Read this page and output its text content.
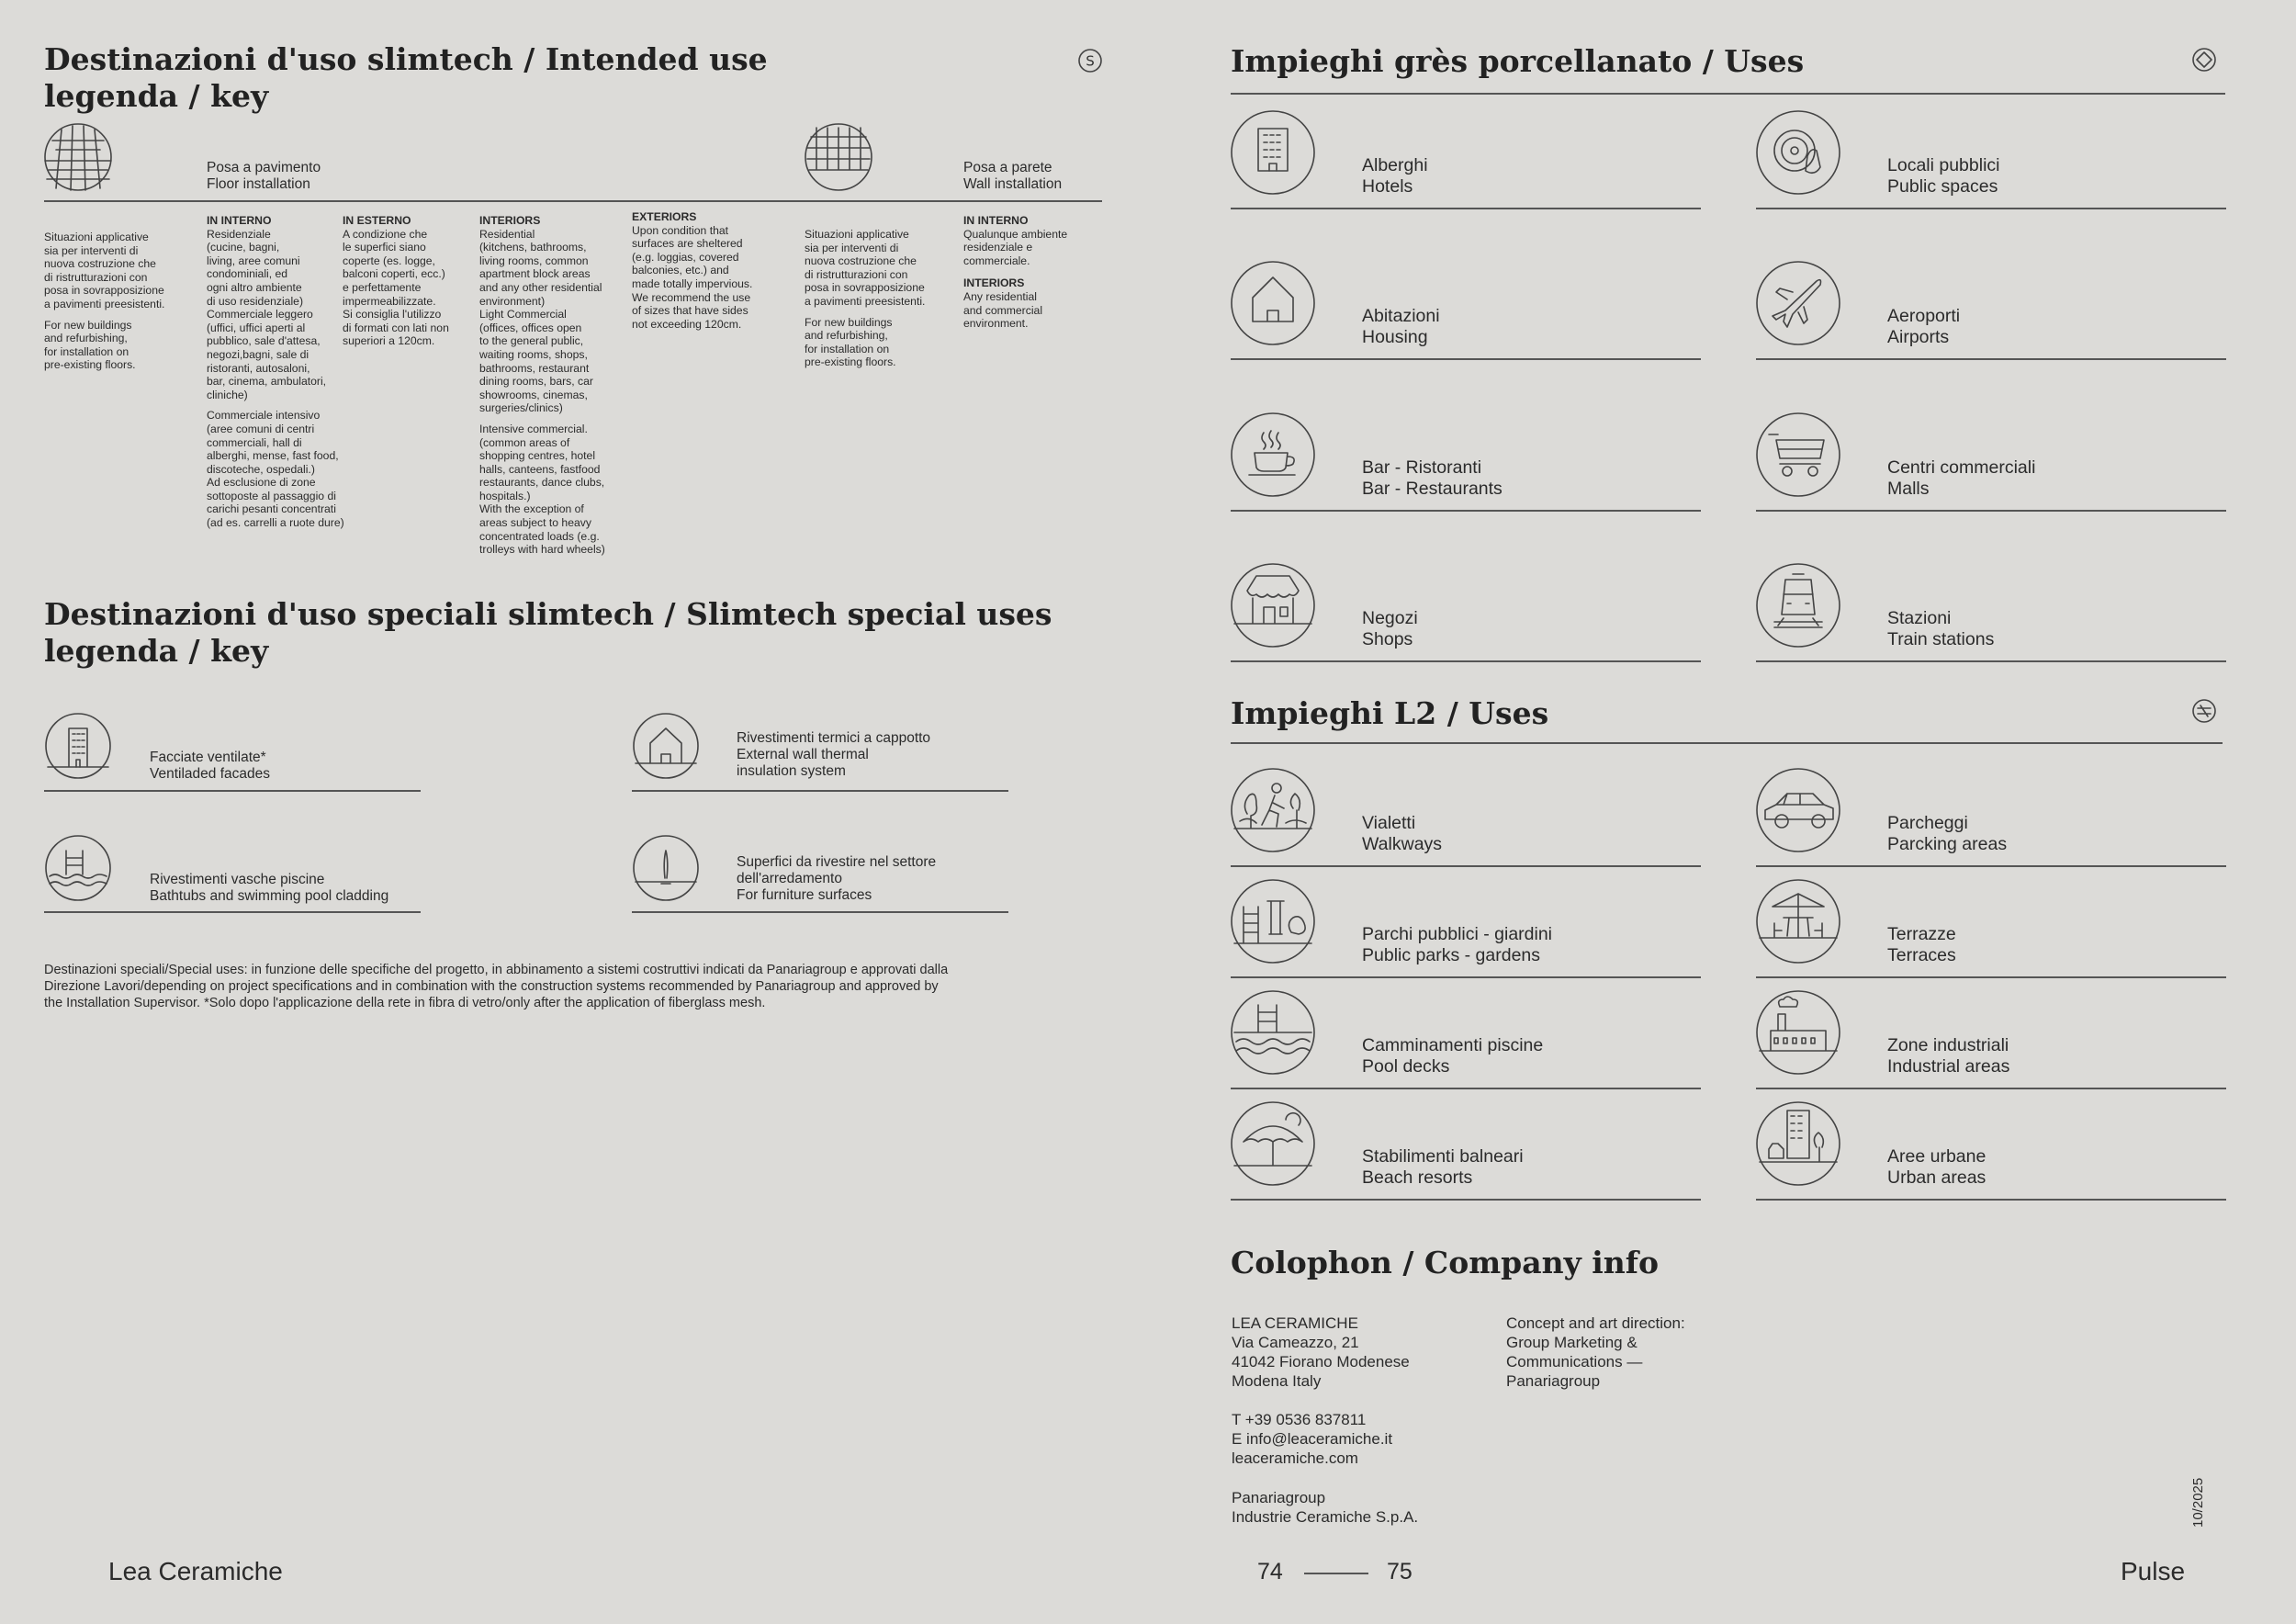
Destinazioni d'uso slimtech / Intended use
legenda / key
S
Posa a pavimento
Floor installation
Posa a parete
Wall installation
Situazioni applicative
sia per interventi di
nuova costruzione che
di ristrutturazioni con
posa in sovrapposizione
a pavimenti preesistenti.
For new buildings
and refurbishing,
for installation on
pre-existing floors.
IN INTERNO
Residenziale
(cucine, bagni,
living, aree comuni
condominiali, ed
ogni altro ambiente
di uso residenziale)
Commerciale leggero
(uffici, uffici aperti al
pubblico, sale d'attesa,
negozi,bagni, sale di
ristoranti, autosaloni,
bar, cinema, ambulatori,
cliniche)
Commerciale intensivo
(aree comuni di centri
commerciali, hall di
alberghi, mense, fast food,
discoteche, ospedali.)
Ad esclusione di zone
sottoposte al passaggio di
carichi pesanti concentrati
(ad es. carrelli a ruote dure)
IN ESTERNO
A condizione che
le superfici siano
coperte (es. logge,
balconi coperti, ecc.)
e perfettamente
impermeabilizzate.
Si consiglia l'utilizzo
di formati con lati non
superiori a 120cm.
INTERIORS
Residential
(kitchens, bathrooms,
living rooms, common
apartment block areas
and any other residential
environment)
Light Commercial
(offices, offices open
to the general public,
waiting rooms, shops,
bathrooms, restaurant
dining rooms, bars, car
showrooms, cinemas,
surgeries/clinics)
Intensive commercial.
(common areas of
shopping centres, hotel
halls, canteens, fastfood
restaurants, dance clubs,
hospitals.)
With the exception of
areas subject to heavy
concentrated loads (e.g.
trolleys with hard wheels)
EXTERIORS
Upon condition that
surfaces are sheltered
(e.g. loggias, covered
balconies, etc.) and
made totally impervious.
We recommend the use
of sizes that have sides
not exceeding 120cm.
Situazioni applicative
sia per interventi di
nuova costruzione che
di ristrutturazioni con
posa in sovrapposizione
a pavimenti preesistenti.
For new buildings
and refurbishing,
for installation on
pre-existing floors.
IN INTERNO
Qualunque ambiente
residenziale e
commerciale.
INTERIORS
Any residential
and commercial
environment.
Destinazioni d'uso speciali slimtech / Slimtech special uses
legenda / key
Facciate ventilate*
Ventiladed facades
Rivestimenti termici a cappotto
External wall thermal
insulation system
Rivestimenti vasche piscine
Bathtubs and swimming pool cladding
Superfici da rivestire nel settore
dell'arredamento
For furniture surfaces
Destinazioni speciali/Special uses: in funzione delle specifiche del progetto, in abbinamento a sistemi costruttivi indicati da Panariagroup e approvati dalla
Direzione Lavori/depending on project specifications and in combination with the construction systems recommended by Panariagroup and approved by
the Installation Supervisor. *Solo dopo l'applicazione della rete in fibra di vetro/only after the application of fiberglass mesh.
Lea Ceramiche	74	75	Pulse
Impieghi grès porcellanato / Uses
Alberghi
Hotels
Locali pubblici
Public spaces
Abitazioni
Housing
Aeroporti
Airports
Bar - Ristoranti
Bar - Restaurants
Centri commerciali
Malls
Negozi
Shops
Stazioni
Train stations
Impieghi L2 / Uses
Vialetti
Walkways
Parcheggi
Parcking areas
Parchi pubblici - giardini
Public parks - gardens
Terrazze
Terraces
Camminamenti piscine
Pool decks
Zone industriali
Industrial areas
Stabilimenti balneari
Beach resorts
Aree urbane
Urban areas
Colophon / Company info
LEA CERAMICHE
Via Cameazzo, 21
41042 Fiorano Modenese
Modena Italy
T +39 0536 837811
E info@leaceramiche.it
leaceramiche.com
Panariagroup
Industrie Ceramiche S.p.A.
Concept and art direction:
Group Marketing &
Communications —
Panariagroup
10/2025
